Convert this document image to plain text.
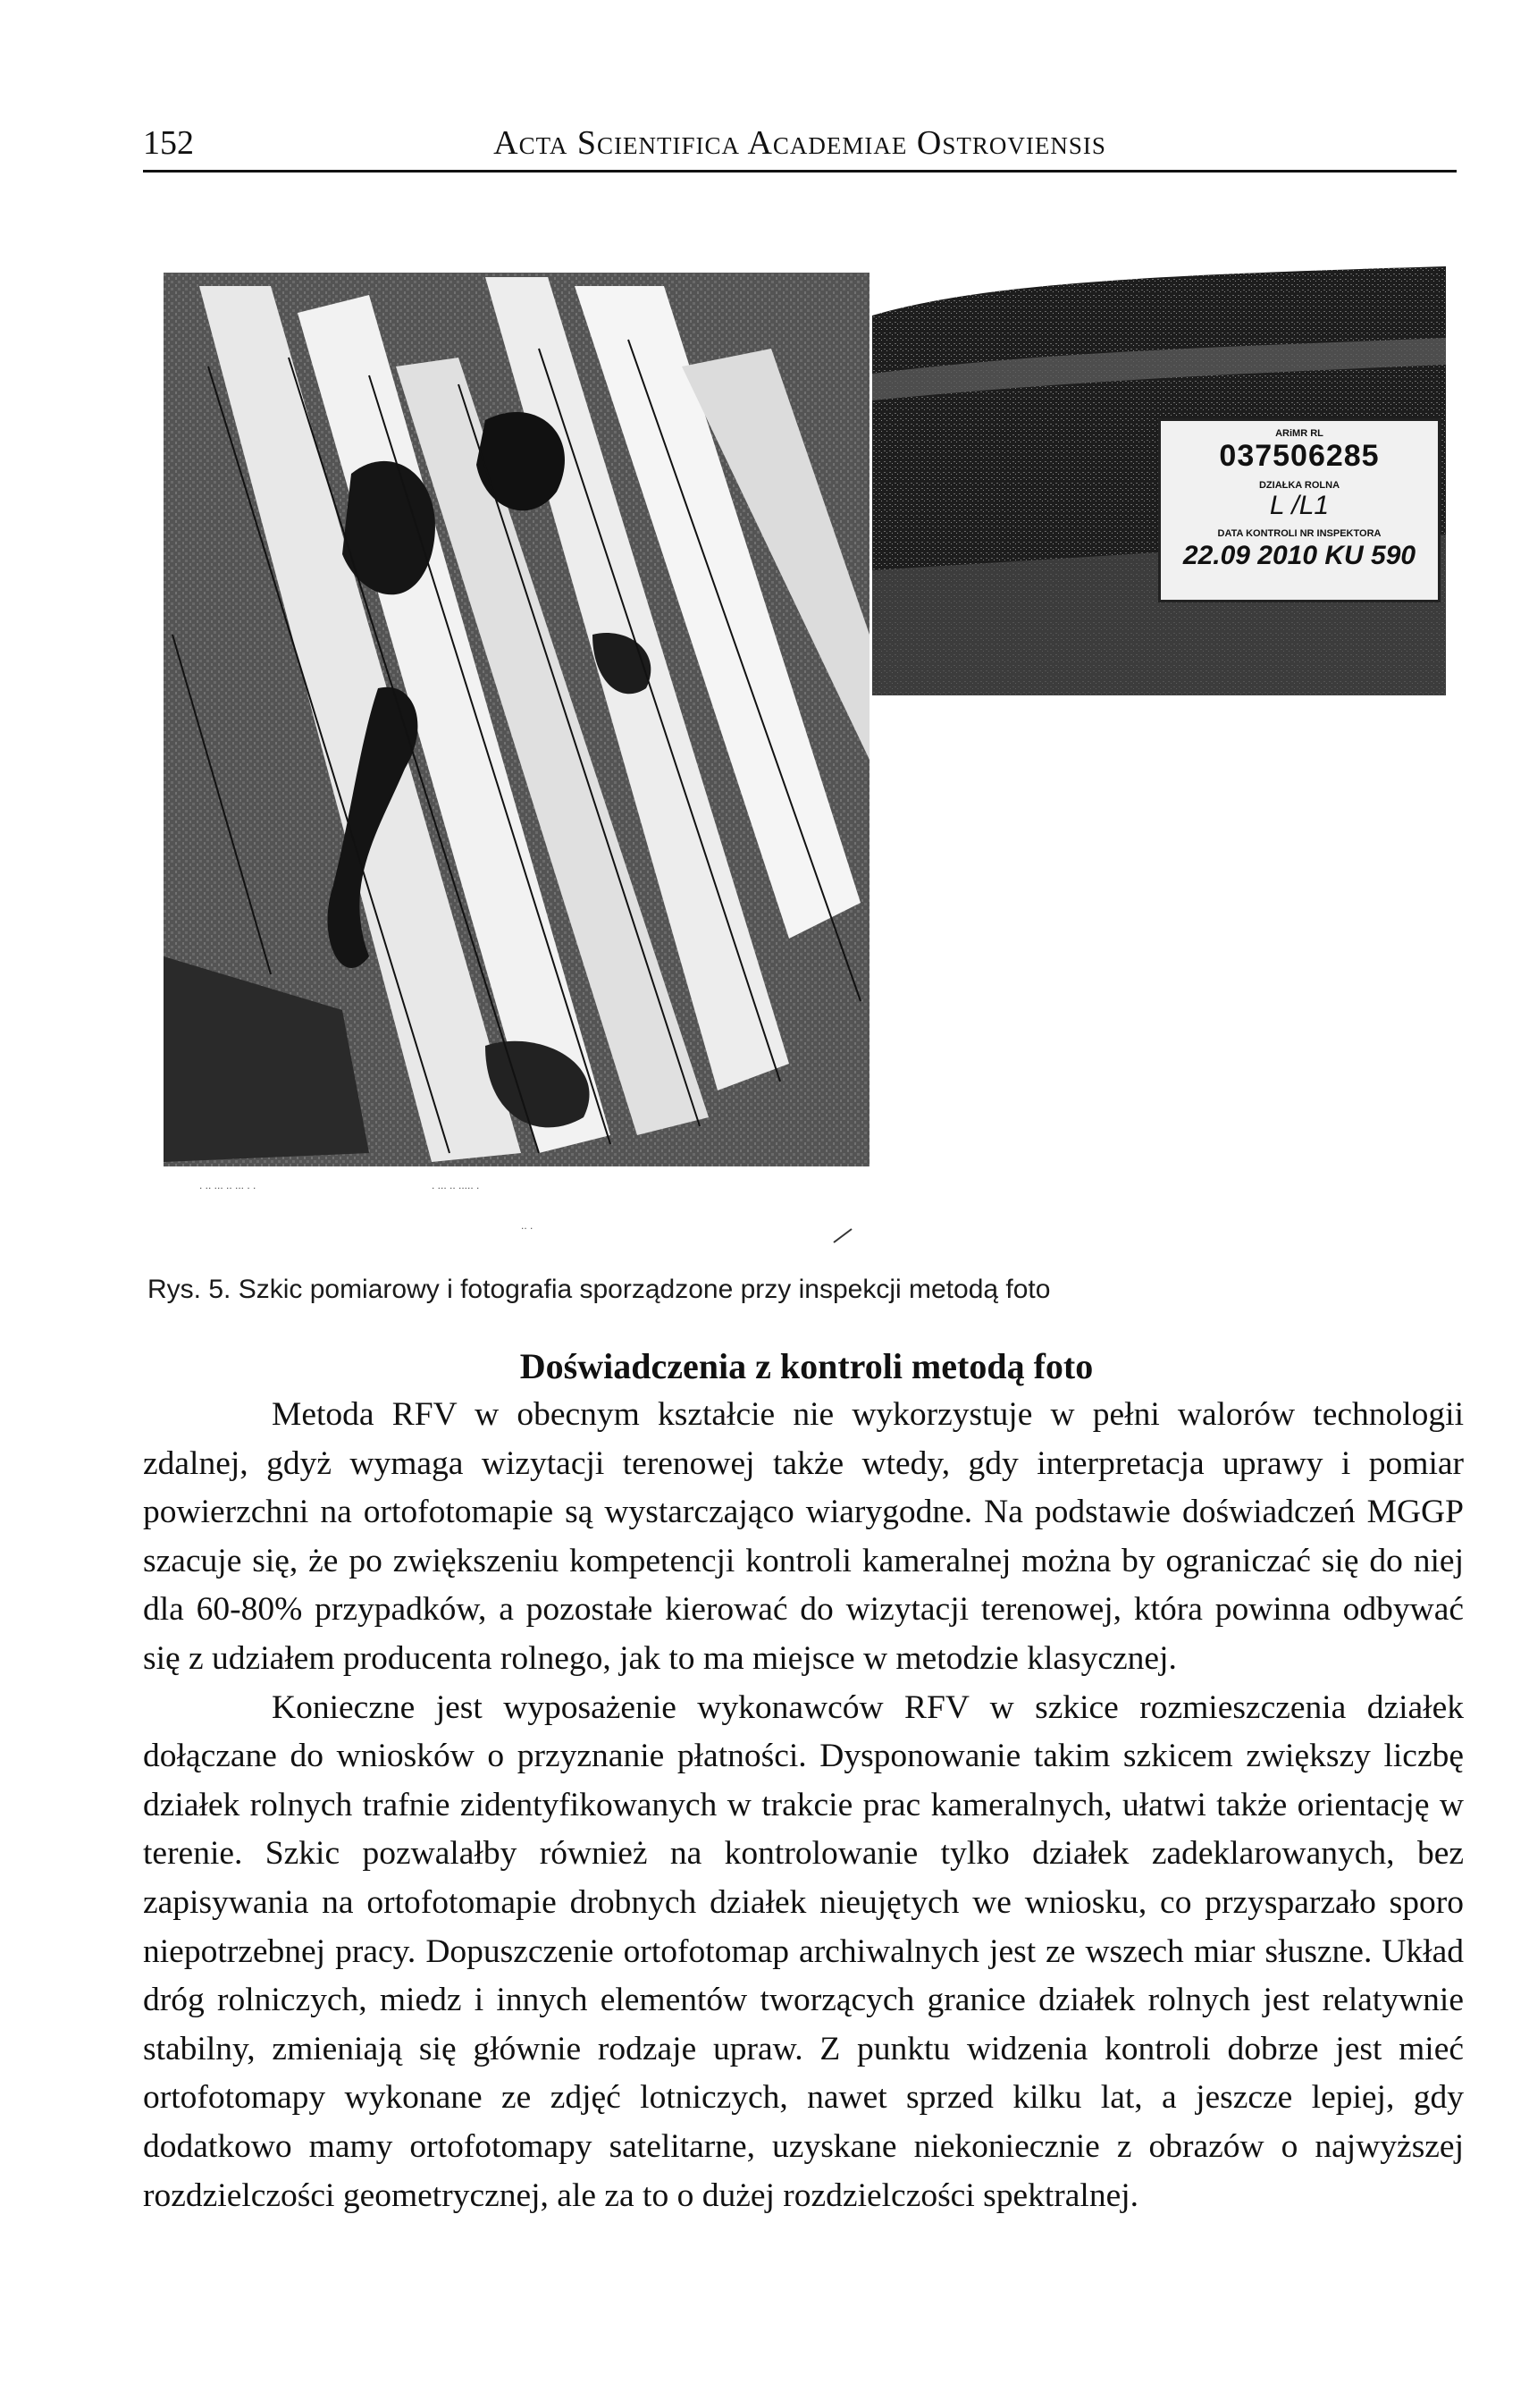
152	Acta Scientifica Academiae Ostroviensis
. .. ... .. ... . .	. ... .. ..... .
.. .
ARiMR RL
037506285
DZIAŁKA ROLNA
L /L1
DATA KONTROLI NR INSPEKTORA
22.09 2010 KU 590
Rys. 5. Szkic pomiarowy i fotografia sporządzone przy inspekcji metodą foto
Doświadczenia z kontroli metodą foto

Metoda RFV w obecnym kształcie nie wykorzystuje w pełni walorów technologii zdalnej, gdyż wymaga wizytacji terenowej także wtedy, gdy interpretacja uprawy i pomiar powierzchni na ortofotomapie są wystarczająco wiarygodne. Na podstawie doświadczeń MGGP szacuje się, że po zwiększeniu kompetencji kontroli kameralnej można by ograniczać się do niej dla 60-80% przypadków, a pozostałe kierować do wizytacji terenowej, która powinna odbywać się z udziałem producenta rolnego, jak to ma miejsce w metodzie klasycznej.

Konieczne jest wyposażenie wykonawców RFV w szkice rozmieszczenia działek dołączane do wniosków o przyznanie płatności. Dysponowanie takim szkicem zwiększy liczbę działek rolnych trafnie zidentyfikowanych w trakcie prac kameralnych, ułatwi także orientację w terenie. Szkic pozwalałby również na kontrolowanie tylko działek zadeklarowanych, bez zapisywania na ortofotomapie drobnych działek nieujętych we wniosku, co przysparzało sporo niepotrzebnej pracy. Dopuszczenie ortofotomap archiwalnych jest ze wszech miar słuszne. Układ dróg rolniczych, miedz i innych elementów tworzących granice działek rolnych jest relatywnie stabilny, zmieniają się głównie rodzaje upraw. Z punktu widzenia kontroli dobrze jest mieć ortofotomapy wykonane ze zdjęć lotniczych, nawet sprzed kilku lat, a jeszcze lepiej, gdy dodatkowo mamy ortofotomapy satelitarne, uzyskane niekoniecznie z obrazów o najwyższej rozdzielczości geometrycznej, ale za to o dużej rozdzielczości spektralnej.
